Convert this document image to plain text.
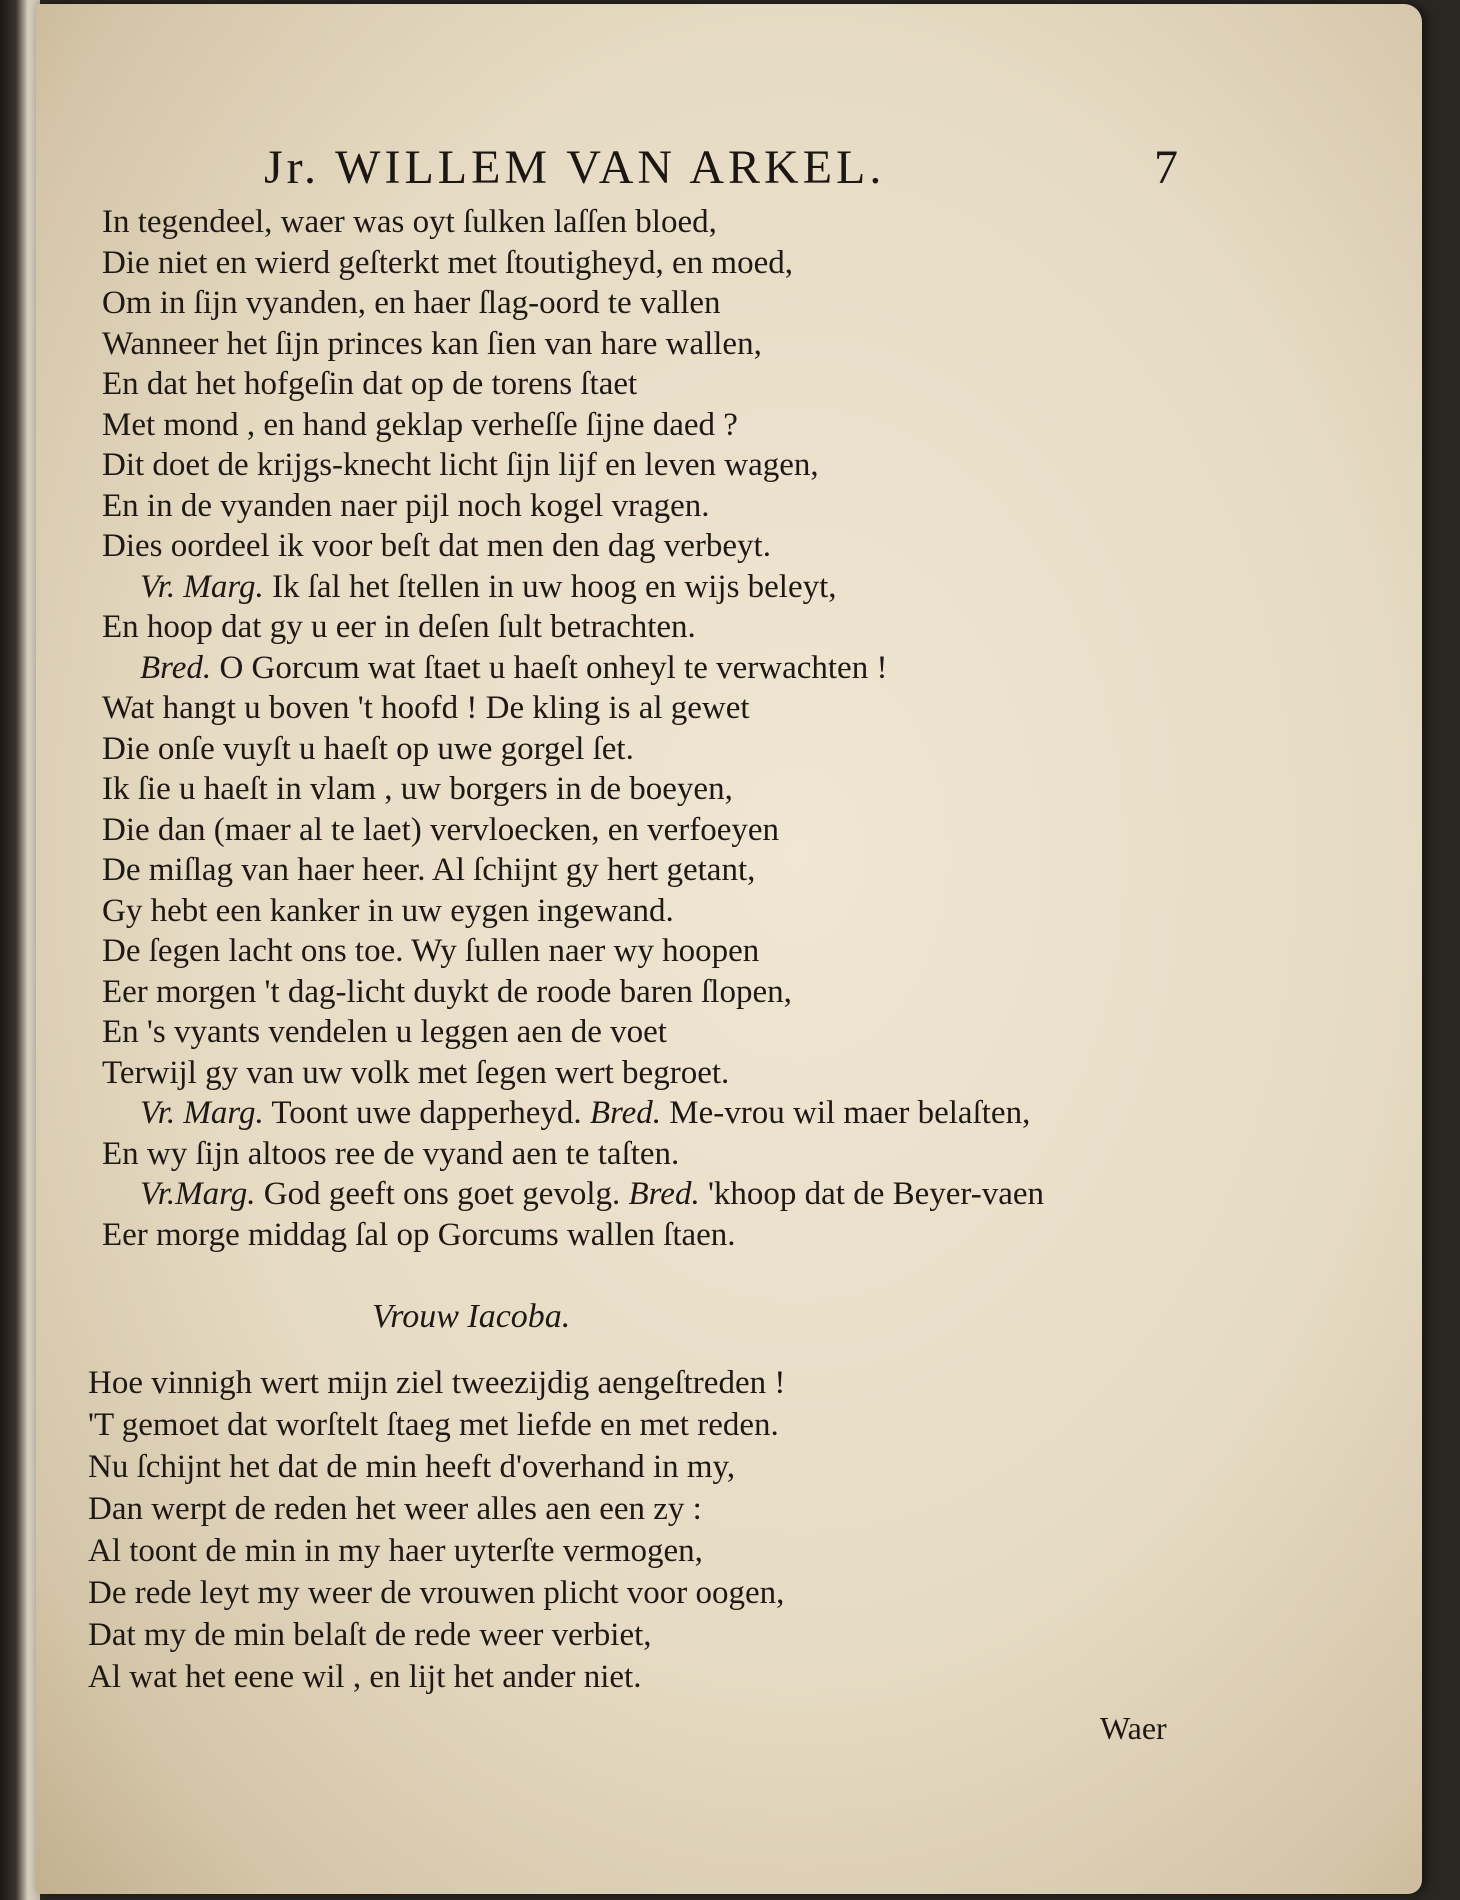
Jr. WILLEM VAN ARKEL.	7
In tegendeel, waer was oyt ſulken laſſen bloed,
Die niet en wierd geſterkt met ſtoutigheyd, en moed,
Om in ſijn vyanden, en haer ſlag-oord te vallen
Wanneer het ſijn princes kan ſien van hare wallen,
En dat het hofgeſin dat op de torens ſtaet
Met mond , en hand geklap verheſſe ſijne daed ?
Dit doet de krijgs-knecht licht ſijn lijf en leven wagen,
En in de vyanden naer pijl noch kogel vragen.
Dies oordeel ik voor beſt dat men den dag verbeyt.
Vr. Marg. Ik ſal het ſtellen in uw hoog en wijs beleyt,
En hoop dat gy u eer in deſen ſult betrachten.
Bred. O Gorcum wat ſtaet u haeſt onheyl te verwachten !
Wat hangt u boven 't hoofd ! De kling is al gewet
Die onſe vuyſt u haeſt op uwe gorgel ſet.
Ik ſie u haeſt in vlam , uw borgers in de boeyen,
Die dan (maer al te laet) vervloecken, en verfoeyen
De miſlag van haer heer. Al ſchijnt gy hert getant,
Gy hebt een kanker in uw eygen ingewand.
De ſegen lacht ons toe. Wy ſullen naer wy hoopen
Eer morgen 't dag-licht duykt de roode baren ſlopen,
En 's vyants vendelen u leggen aen de voet
Terwijl gy van uw volk met ſegen wert begroet.
Vr. Marg. Toont uwe dapperheyd. Bred. Me-vrou wil maer belaſten,
En wy ſijn altoos ree de vyand aen te taſten.
Vr.Marg. God geeft ons goet gevolg. Bred. 'khoop dat de Beyer-vaen
Eer morge middag ſal op Gorcums wallen ſtaen.
Vrouw Iacoba.
Hoe vinnigh wert mijn ziel tweezijdig aengeſtreden !
'T gemoet dat worſtelt ſtaeg met liefde en met reden.
Nu ſchijnt het dat de min heeft d'overhand in my,
Dan werpt de reden het weer alles aen een zy :
Al toont de min in my haer uyterſte vermogen,
De rede leyt my weer de vrouwen plicht voor oogen,
Dat my de min belaſt de rede weer verbiet,
Al wat het eene wil , en lijt het ander niet.
Waer
